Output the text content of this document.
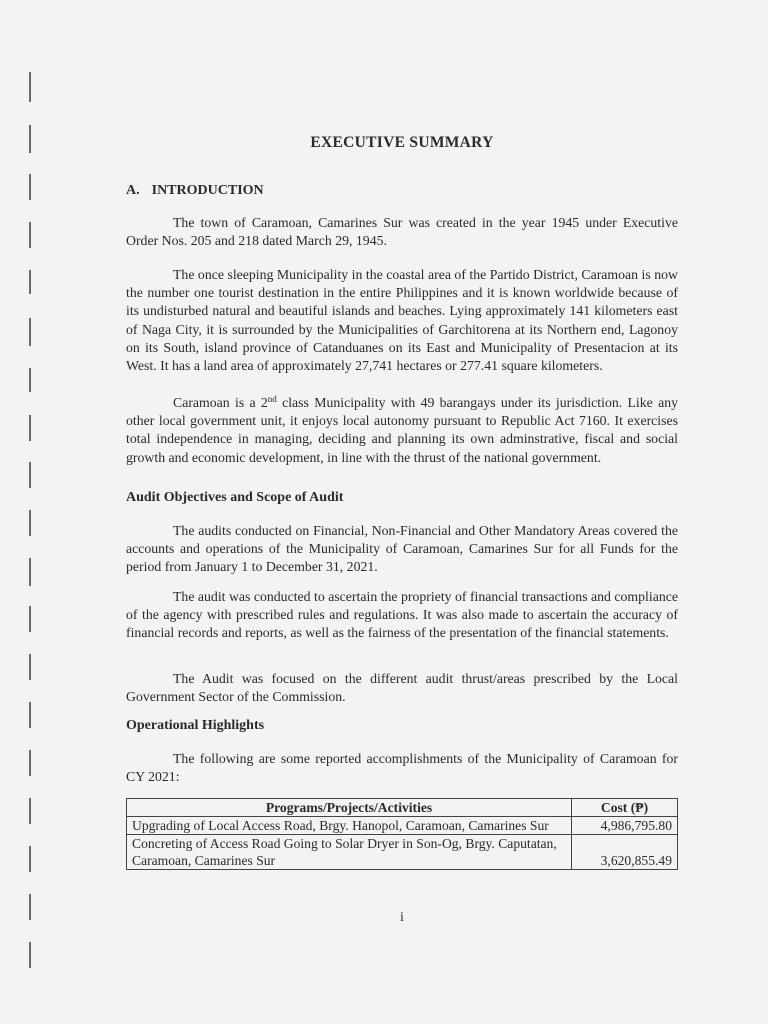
EXECUTIVE SUMMARY
A. INTRODUCTION

The town of Caramoan, Camarines Sur was created in the year 1945 under Executive Order Nos. 205 and 218 dated March 29, 1945.

The once sleeping Municipality in the coastal area of the Partido District, Caramoan is now the number one tourist destination in the entire Philippines and it is known worldwide because of its undisturbed natural and beautiful islands and beaches. Lying approximately 141 kilometers east of Naga City, it is surrounded by the Municipalities of Garchitorena at its Northern end, Lagonoy on its South, island province of Catanduanes on its East and Municipality of Presentacion at its West. It has a land area of approximately 27,741 hectares or 277.41 square kilometers.

Caramoan is a 2nd class Municipality with 49 barangays under its jurisdiction. Like any other local government unit, it enjoys local autonomy pursuant to Republic Act 7160. It exercises total independence in managing, deciding and planning its own adminstrative, fiscal and social growth and economic development, in line with the thrust of the national government.

Audit Objectives and Scope of Audit

The audits conducted on Financial, Non-Financial and Other Mandatory Areas covered the accounts and operations of the Municipality of Caramoan, Camarines Sur for all Funds for the period from January 1 to December 31, 2021.

The audit was conducted to ascertain the propriety of financial transactions and compliance of the agency with prescribed rules and regulations. It was also made to ascertain the accuracy of financial records and reports, as well as the fairness of the presentation of the financial statements.

The Audit was focused on the different audit thrust/areas prescribed by the Local Government Sector of the Commission.

Operational Highlights

The following are some reported accomplishments of the Municipality of Caramoan for CY 2021:

Programs/Projects/Activities	Cost (₱)
Upgrading of Local Access Road, Brgy. Hanopol, Caramoan, Camarines Sur	4,986,795.80
Concreting of Access Road Going to Solar Dryer in Son-Og, Brgy. Caputatan, Caramoan, Camarines Sur	3,620,855.49
i
